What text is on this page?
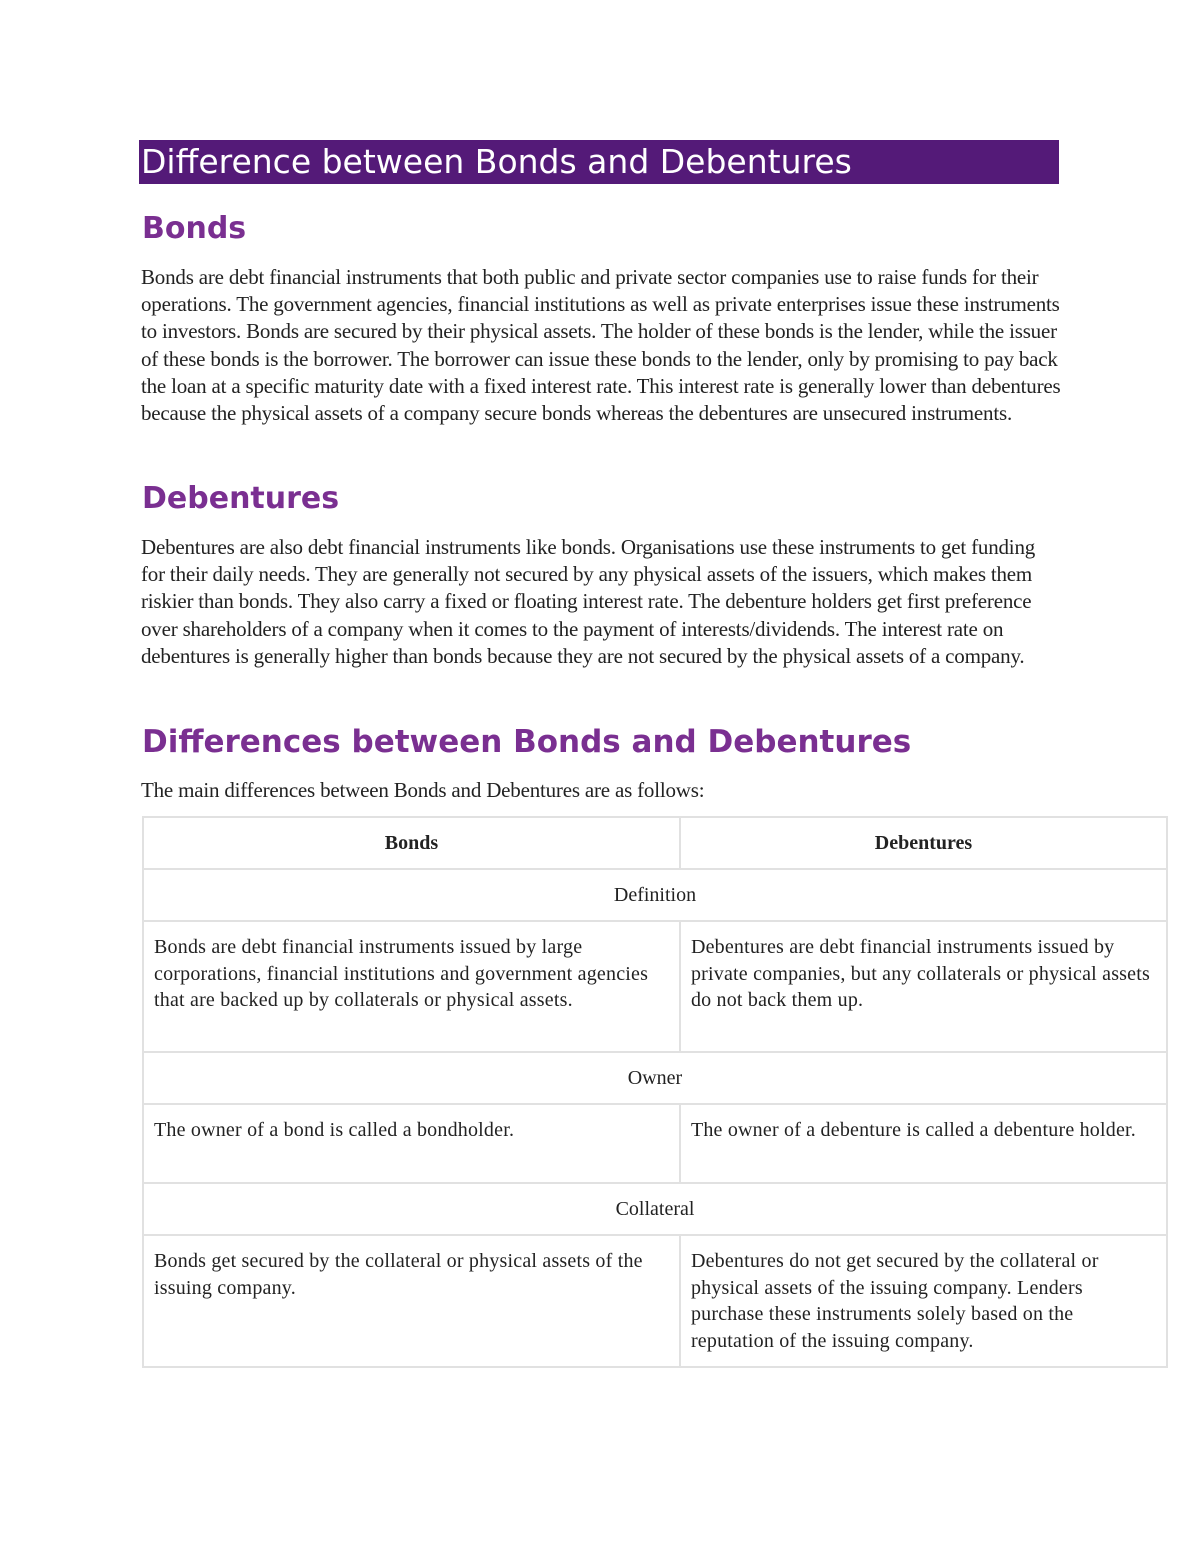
Difference between Bonds and Debentures
Bonds

Bonds are debt financial instruments that both public and private sector companies use to raise funds for their operations. The government agencies, financial institutions as well as private enterprises issue these instruments to investors. Bonds are secured by their physical assets. The holder of these bonds is the lender, while the issuer of these bonds is the borrower. The borrower can issue these bonds to the lender, only by promising to pay back the loan at a specific maturity date with a fixed interest rate. This interest rate is generally lower than debentures because the physical assets of a company secure bonds whereas the debentures are unsecured instruments.

Debentures

Debentures are also debt financial instruments like bonds. Organisations use these instruments to get funding for their daily needs. They are generally not secured by any physical assets of the issuers, which makes them riskier than bonds. They also carry a fixed or floating interest rate. The debenture holders get first preference over shareholders of a company when it comes to the payment of interests/dividends. The interest rate on debentures is generally higher than bonds because they are not secured by the physical assets of a company.

Differences between Bonds and Debentures

The main differences between Bonds and Debentures are as follows:

Bonds	Debentures
Definition	

Bonds are debt financial instruments issued by large corporations, financial institutions and government agencies that are backed up by collaterals or physical assets.	Debentures are debt financial instruments issued by private companies, but any collaterals or physical assets do not back them up.

Owner	

The owner of a bond is called a bondholder.	The owner of a debenture is called a debenture holder.

Collateral	

Bonds get secured by the collateral or physical assets of the issuing company.	Debentures do not get secured by the collateral or physical assets of the issuing company. Lenders purchase these instruments solely based on the reputation of the issuing company.
